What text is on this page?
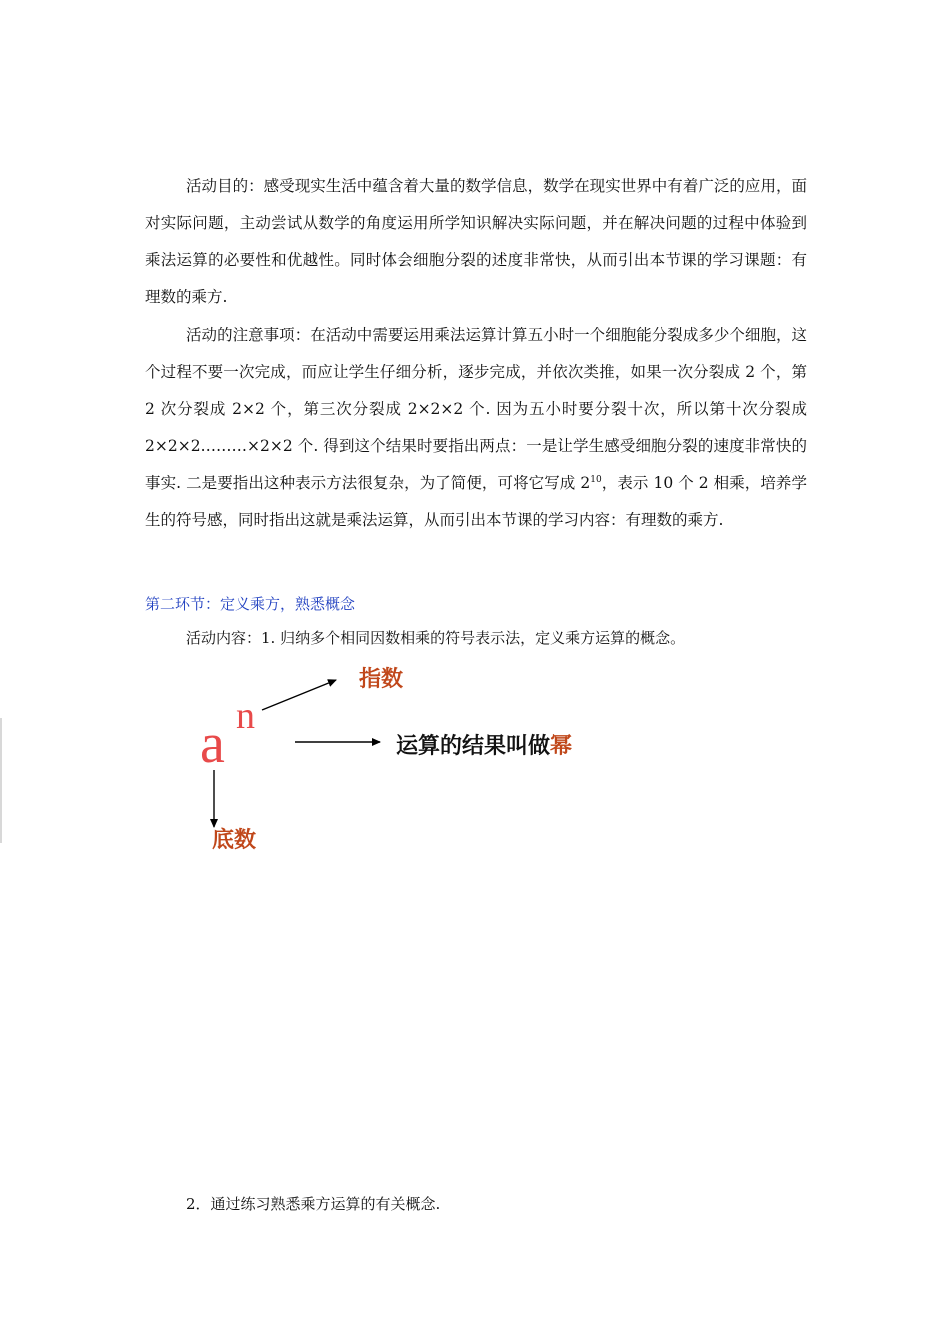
活动目的：感受现实生活中蕴含着大量的数学信息，数学在现实世界中有着广泛的应用，面对实际问题，主动尝试从数学的角度运用所学知识解决实际问题，并在解决问题的过程中体验到乘法运算的必要性和优越性。同时体会细胞分裂的述度非常快，从而引出本节课的学习课题：有理数的乘方.

活动的注意事项：在活动中需要运用乘法运算计算五小时一个细胞能分裂成多少个细胞，这个过程不要一次完成，而应让学生仔细分析，逐步完成，并依次类推，如果一次分裂成 2 个，第 2 次分裂成 2×2 个，第三次分裂成 2×2×2 个. 因为五小时要分裂十次，所以第十次分裂成 2×2×2………×2×2 个. 得到这个结果时要指出两点：一是让学生感受细胞分裂的速度非常快的事实. 二是要指出这种表示方法很复杂，为了简便，可将它写成 $2^{10}$，表示 10 个 2 相乘，培养学生的符号感，同时指出这就是乘法运算，从而引出本节课的学习内容：有理数的乘方.

第二环节：定义乘方，熟悉概念
活动内容：1. 归纳多个相同因数相乘的符号表示法，定义乘方运算的概念。
a n
指数
底数
运算的结果叫做幂
2．通过练习熟悉乘方运算的有关概念.
